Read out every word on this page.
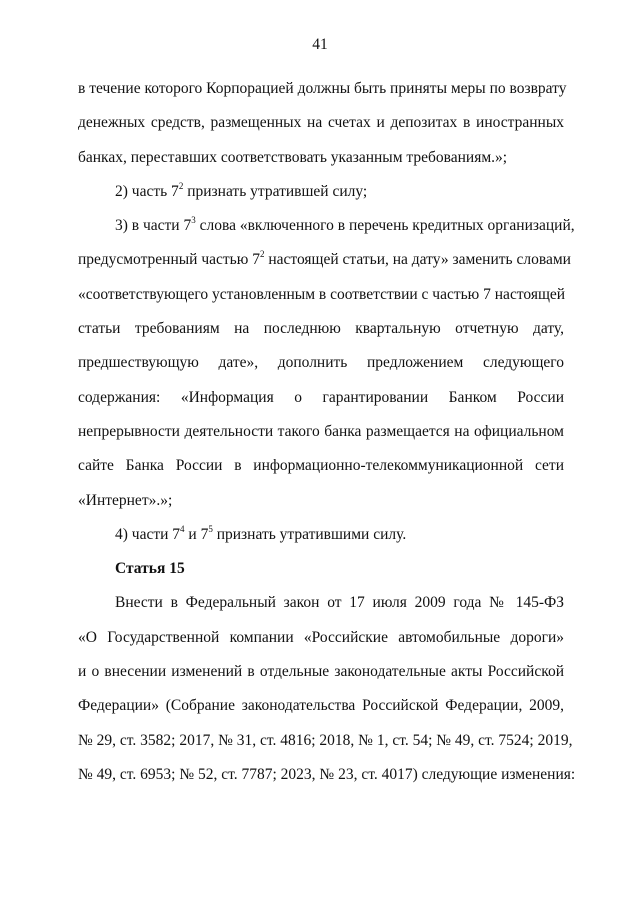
41
в течение которого Корпорацией должны быть приняты меры по возврату
денежных средств, размещенных на счетах и депозитах в иностранных
банках, переставших соответствовать указанным требованиям.»;
2) часть $7^2$ признать утратившей силу;
3) в части $7^3$ слова «включенного в перечень кредитных организаций,
предусмотренный частью $7^2$ настоящей статьи, на дату» заменить словами
«соответствующего установленным в соответствии с частью 7 настоящей
статьи требованиям на последнюю квартальную отчетную дату,
предшествующую дате», дополнить предложением следующего
содержания: «Информация о гарантировании Банком России
непрерывности деятельности такого банка размещается на официальном
сайте Банка России в информационно-телекоммуникационной сети
«Интернет».»;
4) части $7^4$ и $7^5$ признать утратившими силу.
Статья 15
Внести в Федеральный закон от 17 июля 2009 года № 145-ФЗ
«О Государственной компании «Российские автомобильные дороги»
и о внесении изменений в отдельные законодательные акты Российской
Федерации» (Собрание законодательства Российской Федерации, 2009,
№ 29, ст. 3582; 2017, № 31, ст. 4816; 2018, № 1, ст. 54; № 49, ст. 7524; 2019,
№ 49, ст. 6953; № 52, ст. 7787; 2023, № 23, ст. 4017) следующие изменения:
